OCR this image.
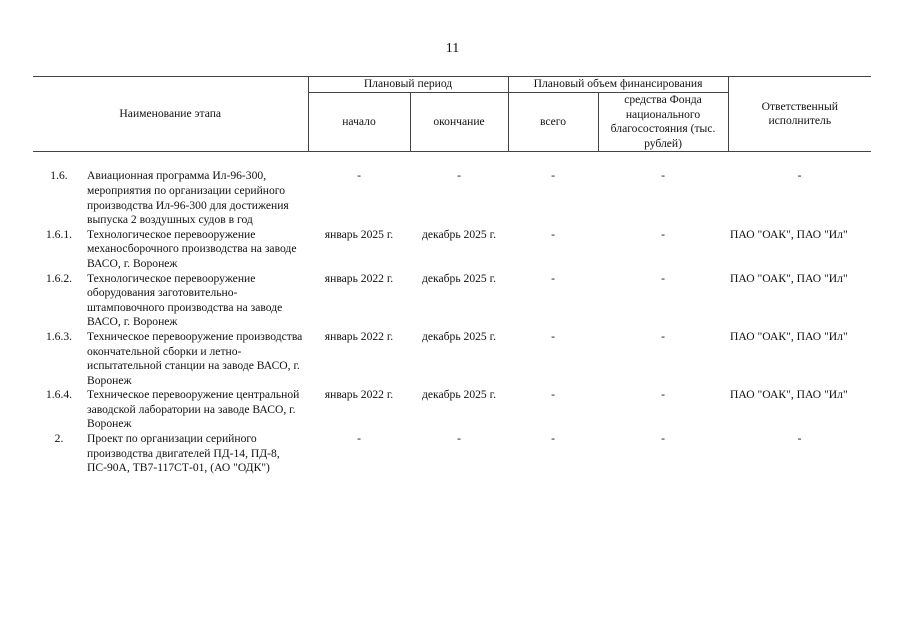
11
Наименование этапа		Плановый период		Плановый объем финансирования		Ответственный исполнитель
		начало	окончание	всего	средства Фонда национального благосостояния (тыс. рублей)	

1.6.	Авиационная программа Ил-96-300, мероприятия по организации серийного производства Ил-96-300 для достижения выпуска 2 воздушных судов в год	-	-	-	-	-
1.6.1.	Технологическое перевооружение механосборочного производства на заводе ВАСО, г. Воронеж	январь 2025 г.	декабрь 2025 г.	-	-	ПАО "ОАК", ПАО "Ил"
1.6.2.	Технологическое перевооружение оборудования заготовительно-штамповочного производства на заводе ВАСО, г. Воронеж	январь 2022 г.	декабрь 2025 г.	-	-	ПАО "ОАК", ПАО "Ил"
1.6.3.	Техническое перевооружение производства окончательной сборки и летно-испытательной станции на заводе ВАСО, г. Воронеж	январь 2022 г.	декабрь 2025 г.	-	-	ПАО "ОАК", ПАО "Ил"
1.6.4.	Техническое перевооружение центральной заводской лаборатории на заводе ВАСО, г. Воронеж	январь 2022 г.	декабрь 2025 г.	-	-	ПАО "ОАК", ПАО "Ил"
2.	Проект по организации серийного производства двигателей ПД-14, ПД-8, ПС-90А, ТВ7-117СТ-01, (АО "ОДК")	-	-	-	-	-
